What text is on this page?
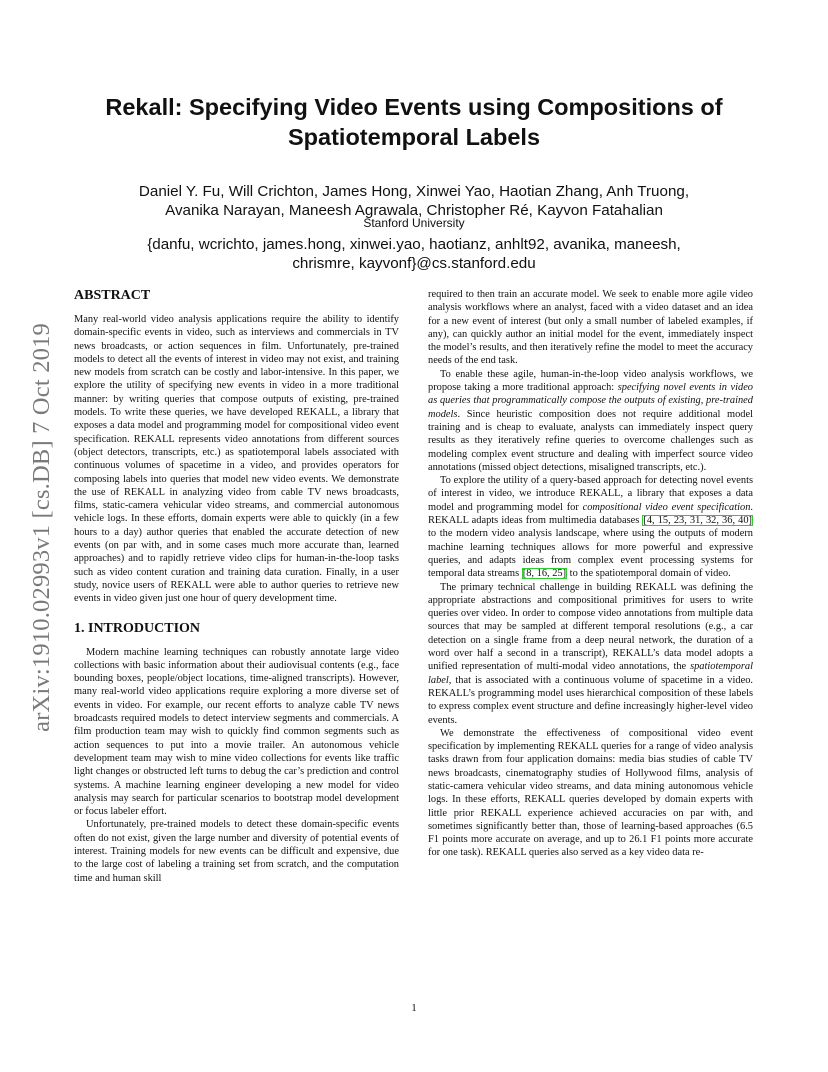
arXiv:1910.02993v1 [cs.DB] 7 Oct 2019
Rekall: Specifying Video Events using Compositions of
Spatiotemporal Labels
Daniel Y. Fu, Will Crichton, James Hong, Xinwei Yao, Haotian Zhang, Anh Truong,
Avanika Narayan, Maneesh Agrawala, Christopher Ré, Kayvon Fatahalian
Stanford University
{danfu, wcrichto, james.hong, xinwei.yao, haotianz, anhlt92, avanika, maneesh,
chrismre, kayvonf}@cs.stanford.edu
ABSTRACT

Many real-world video analysis applications require the ability to identify domain-specific events in video, such as interviews and commercials in TV news broadcasts, or action sequences in film. Unfortunately, pre-trained models to detect all the events of interest in video may not exist, and training new models from scratch can be costly and labor-intensive. In this paper, we explore the utility of specifying new events in video in a more traditional manner: by writing queries that compose outputs of existing, pre-trained models. To write these queries, we have developed REKALL, a library that exposes a data model and programming model for compositional video event specification. REKALL represents video annotations from different sources (object detectors, transcripts, etc.) as spatiotemporal labels associated with continuous volumes of spacetime in a video, and provides operators for composing labels into queries that model new video events. We demonstrate the use of REKALL in analyzing video from cable TV news broadcasts, films, static-camera vehicular video streams, and commercial autonomous vehicle logs. In these efforts, domain experts were able to quickly (in a few hours to a day) author queries that enabled the accurate detection of new events (on par with, and in some cases much more accurate than, learned approaches) and to rapidly retrieve video clips for human-in-the-loop tasks such as video content curation and training data curation. Finally, in a user study, novice users of REKALL were able to author queries to retrieve new events in video given just one hour of query development time.

1. INTRODUCTION

Modern machine learning techniques can robustly annotate large video collections with basic information about their audiovisual contents (e.g., face bounding boxes, people/object locations, time-aligned transcripts). However, many real-world video applications require exploring a more diverse set of events in video. For example, our recent efforts to analyze cable TV news broadcasts required models to detect interview segments and commercials. A film production team may wish to quickly find common segments such as action sequences to put into a movie trailer. An autonomous vehicle development team may wish to mine video collections for events like traffic light changes or obstructed left turns to debug the car’s prediction and control systems. A machine learning engineer developing a new model for video analysis may search for particular scenarios to bootstrap model development or focus labeler effort.

Unfortunately, pre-trained models to detect these domain-specific events often do not exist, given the large number and diversity of potential events of interest. Training models for new events can be difficult and expensive, due to the large cost of labeling a training set from scratch, and the computation time and human skill

required to then train an accurate model. We seek to enable more agile video analysis workflows where an analyst, faced with a video dataset and an idea for a new event of interest (but only a small number of labeled examples, if any), can quickly author an initial model for the event, immediately inspect the model’s results, and then iteratively refine the model to meet the accuracy needs of the end task.

To enable these agile, human-in-the-loop video analysis workflows, we propose taking a more traditional approach: specifying novel events in video as queries that programmatically compose the outputs of existing, pre-trained models. Since heuristic composition does not require additional model training and is cheap to evaluate, analysts can immediately inspect query results as they iteratively refine queries to overcome challenges such as modeling complex event structure and dealing with imperfect source video annotations (missed object detections, misaligned transcripts, etc.).

To explore the utility of a query-based approach for detecting novel events of interest in video, we introduce REKALL, a library that exposes a data model and programming model for compositional video event specification. REKALL adapts ideas from multimedia databases [4, 15, 23, 31, 32, 36, 40] to the modern video analysis landscape, where using the outputs of modern machine learning techniques allows for more powerful and expressive queries, and adapts ideas from complex event processing systems for temporal data streams [8, 16, 25] to the spatiotemporal domain of video.

The primary technical challenge in building REKALL was defining the appropriate abstractions and compositional primitives for users to write queries over video. In order to compose video annotations from multiple data sources that may be sampled at different temporal resolutions (e.g., a car detection on a single frame from a deep neural network, the duration of a word over half a second in a transcript), REKALL’s data model adopts a unified representation of multi-modal video annotations, the spatiotemporal label, that is associated with a continuous volume of spacetime in a video. REKALL’s programming model uses hierarchical composition of these labels to express complex event structure and define increasingly higher-level video events.

We demonstrate the effectiveness of compositional video event specification by implementing REKALL queries for a range of video analysis tasks drawn from four application domains: media bias studies of cable TV news broadcasts, cinematography studies of Hollywood films, analysis of static-camera vehicular video streams, and data mining autonomous vehicle logs. In these efforts, REKALL queries developed by domain experts with little prior REKALL experience achieved accuracies on par with, and sometimes significantly better than, those of learning-based approaches (6.5 F1 points more accurate on average, and up to 26.1 F1 points more accurate for one task). REKALL queries also served as a key video data re-

1
